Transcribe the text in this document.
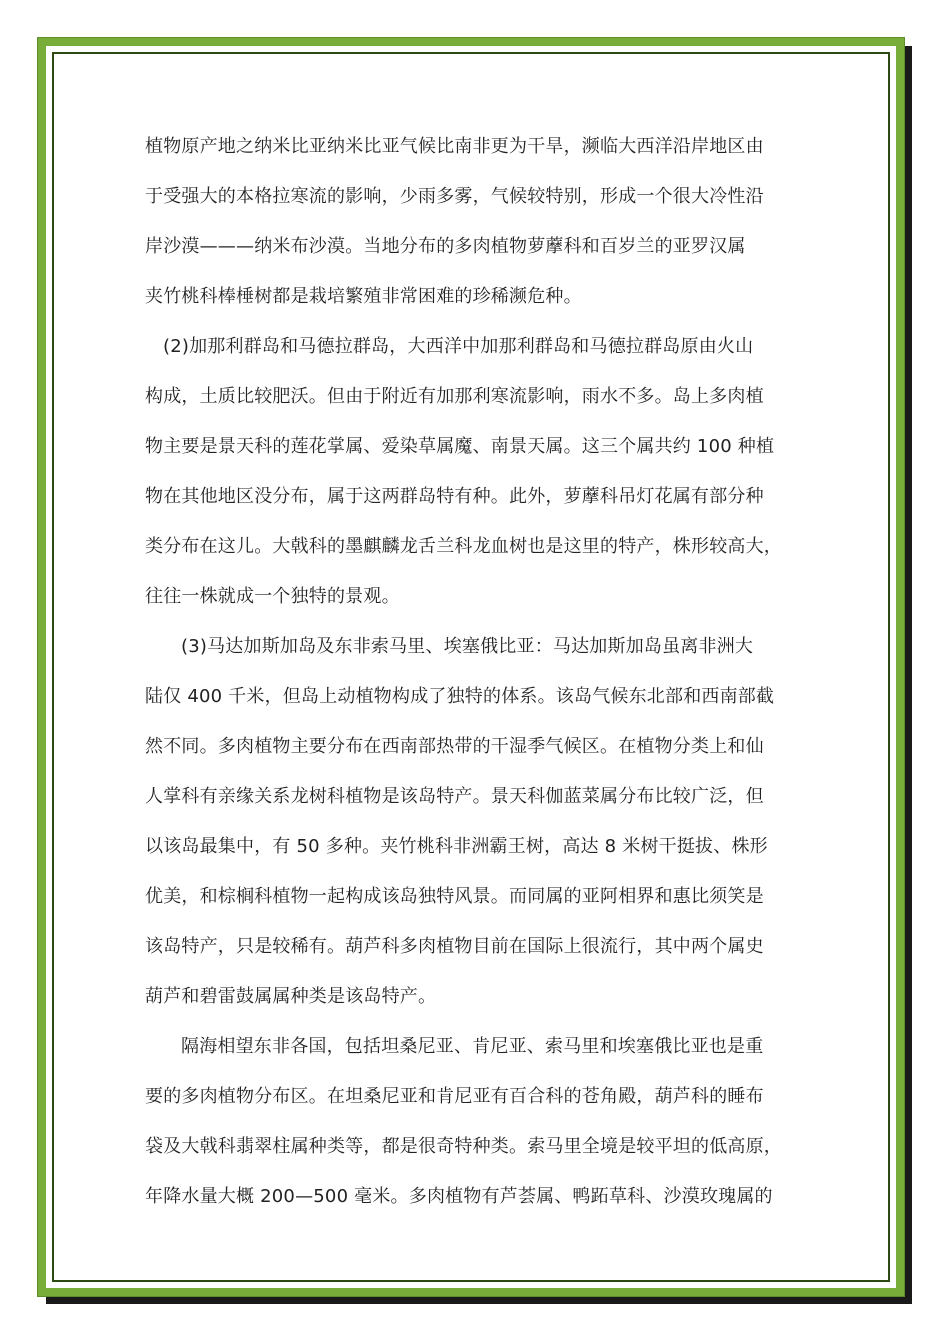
植物原产地之纳米比亚纳米比亚气候比南非更为干旱，濒临大西洋沿岸地区由
于受强大的本格拉寒流的影响，少雨多雾，气候较特别，形成一个很大冷性沿
岸沙漠———纳米布沙漠。当地分布的多肉植物萝藦科和百岁兰的亚罗汉属
夹竹桃科棒棰树都是栽培繁殖非常困难的珍稀濒危种。
(2)加那利群岛和马德拉群岛，大西洋中加那利群岛和马德拉群岛原由火山
构成，土质比较肥沃。但由于附近有加那利寒流影响，雨水不多。岛上多肉植
物主要是景天科的莲花掌属、爱染草属魔、南景天属。这三个属共约 100 种植
物在其他地区没分布，属于这两群岛特有种。此外，萝藦科吊灯花属有部分种
类分布在这儿。大戟科的墨麒麟龙舌兰科龙血树也是这里的特产，株形较高大，
往往一株就成一个独特的景观。
(3)马达加斯加岛及东非索马里、埃塞俄比亚：马达加斯加岛虽离非洲大
陆仅 400 千米，但岛上动植物构成了独特的体系。该岛气候东北部和西南部截
然不同。多肉植物主要分布在西南部热带的干湿季气候区。在植物分类上和仙
人掌科有亲缘关系龙树科植物是该岛特产。景天科伽蓝菜属分布比较广泛，但
以该岛最集中，有 50 多种。夹竹桃科非洲霸王树，高达 8 米树干挺拔、株形
优美，和棕榈科植物一起构成该岛独特风景。而同属的亚阿相界和惠比须笑是
该岛特产，只是较稀有。葫芦科多肉植物目前在国际上很流行，其中两个属史
葫芦和碧雷鼓属属种类是该岛特产。
隔海相望东非各国，包括坦桑尼亚、肯尼亚、索马里和埃塞俄比亚也是重
要的多肉植物分布区。在坦桑尼亚和肯尼亚有百合科的苍角殿，葫芦科的睡布
袋及大戟科翡翠柱属种类等，都是很奇特种类。索马里全境是较平坦的低高原，
年降水量大概 200—500 毫米。多肉植物有芦荟属、鸭跖草科、沙漠玫瑰属的
